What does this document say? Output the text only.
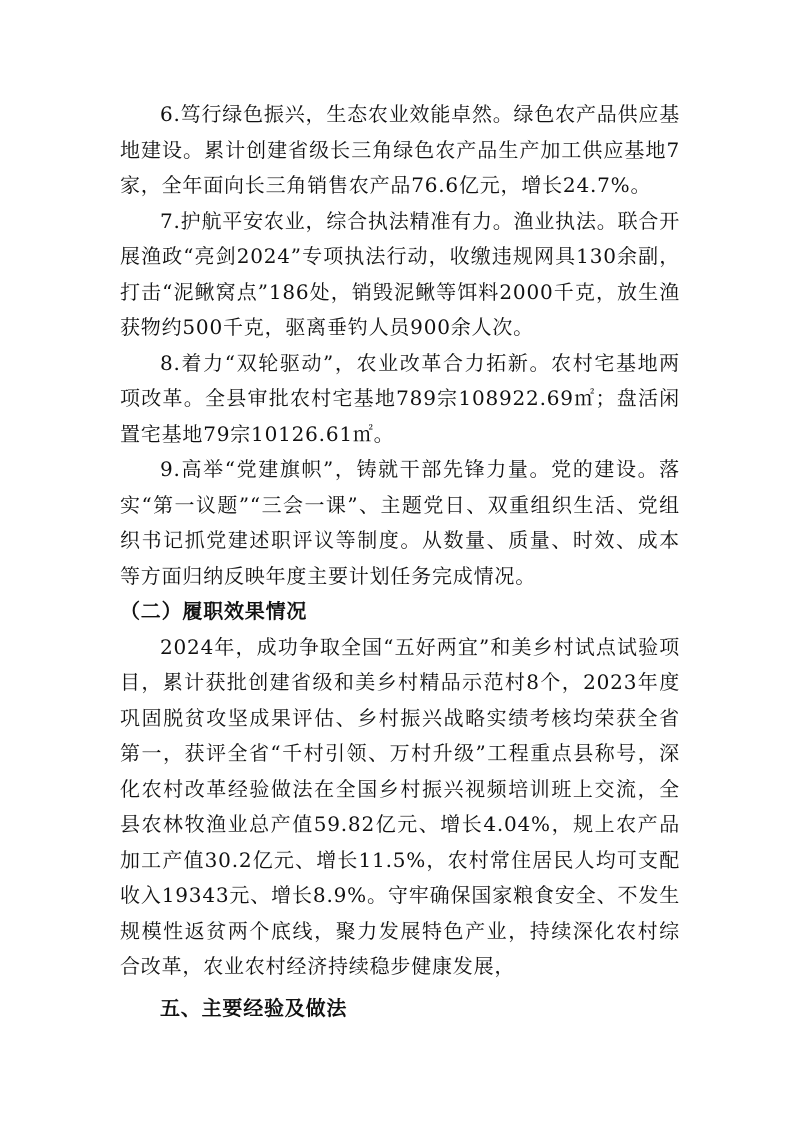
6.笃行绿色振兴，生态农业效能卓然。绿色农产品供应基地建设。累计创建省级长三角绿色农产品生产加工供应基地7家，全年面向长三角销售农产品76.6亿元，增长24.7%。

7.护航平安农业，综合执法精准有力。渔业执法。联合开展渔政“亮剑2024”专项执法行动，收缴违规网具130余副，打击“泥鳅窝点”186处，销毁泥鳅等饵料2000千克，放生渔获物约500千克，驱离垂钓人员900余人次。

8.着力“双轮驱动”，农业改革合力拓新。农村宅基地两项改革。全县审批农村宅基地789宗108922.69㎡；盘活闲置宅基地79宗10126.61㎡。

9.高举“党建旗帜”，铸就干部先锋力量。党的建设。落实“第一议题”“三会一课”、主题党日、双重组织生活、党组织书记抓党建述职评议等制度。从数量、质量、时效、成本等方面归纳反映年度主要计划任务完成情况。

（二）履职效果情况

2024年，成功争取全国“五好两宜”和美乡村试点试验项目，累计获批创建省级和美乡村精品示范村8个，2023年度巩固脱贫攻坚成果评估、乡村振兴战略实绩考核均荣获全省第一，获评全省“千村引领、万村升级”工程重点县称号，深化农村改革经验做法在全国乡村振兴视频培训班上交流，全县农林牧渔业总产值59.82亿元、增长4.04%，规上农产品加工产值30.2亿元、增长11.5%，农村常住居民人均可支配收入19343元、增长8.9%。守牢确保国家粮食安全、不发生规模性返贫两个底线，聚力发展特色产业，持续深化农村综合改革，农业农村经济持续稳步健康发展，

五、主要经验及做法
